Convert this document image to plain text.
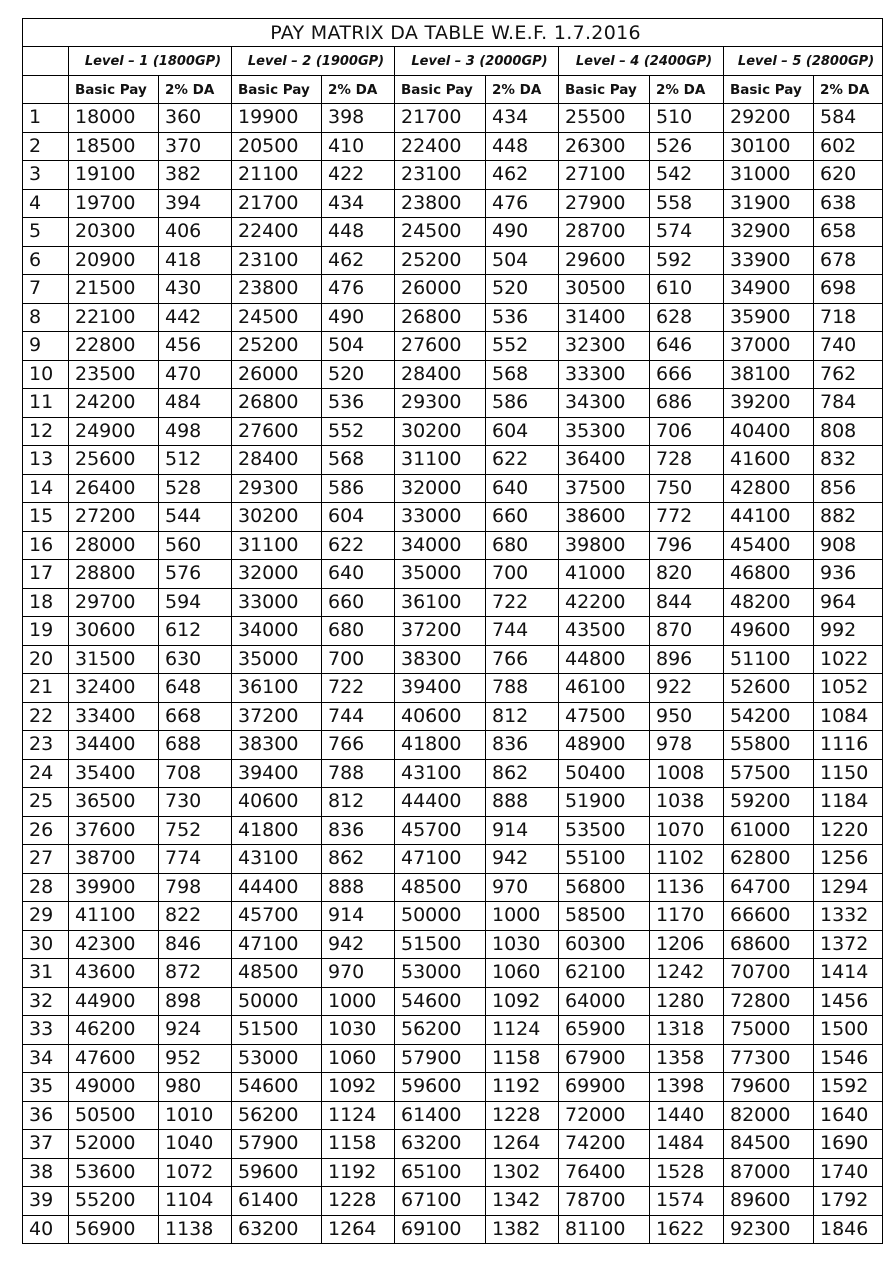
PAY MATRIX DA TABLE W.E.F. 1.7.2016										
	Level – 1 (1800GP)		Level – 2 (1900GP)		Level – 3 (2000GP)		Level – 4 (2400GP)		Level – 5 (2800GP)	
	Basic Pay	2% DA	Basic Pay	2% DA	Basic Pay	2% DA	Basic Pay	2% DA	Basic Pay	2% DA
1	18000	360	19900	398	21700	434	25500	510	29200	584
2	18500	370	20500	410	22400	448	26300	526	30100	602
3	19100	382	21100	422	23100	462	27100	542	31000	620
4	19700	394	21700	434	23800	476	27900	558	31900	638
5	20300	406	22400	448	24500	490	28700	574	32900	658
6	20900	418	23100	462	25200	504	29600	592	33900	678
7	21500	430	23800	476	26000	520	30500	610	34900	698
8	22100	442	24500	490	26800	536	31400	628	35900	718
9	22800	456	25200	504	27600	552	32300	646	37000	740
10	23500	470	26000	520	28400	568	33300	666	38100	762
11	24200	484	26800	536	29300	586	34300	686	39200	784
12	24900	498	27600	552	30200	604	35300	706	40400	808
13	25600	512	28400	568	31100	622	36400	728	41600	832
14	26400	528	29300	586	32000	640	37500	750	42800	856
15	27200	544	30200	604	33000	660	38600	772	44100	882
16	28000	560	31100	622	34000	680	39800	796	45400	908
17	28800	576	32000	640	35000	700	41000	820	46800	936
18	29700	594	33000	660	36100	722	42200	844	48200	964
19	30600	612	34000	680	37200	744	43500	870	49600	992
20	31500	630	35000	700	38300	766	44800	896	51100	1022
21	32400	648	36100	722	39400	788	46100	922	52600	1052
22	33400	668	37200	744	40600	812	47500	950	54200	1084
23	34400	688	38300	766	41800	836	48900	978	55800	1116
24	35400	708	39400	788	43100	862	50400	1008	57500	1150
25	36500	730	40600	812	44400	888	51900	1038	59200	1184
26	37600	752	41800	836	45700	914	53500	1070	61000	1220
27	38700	774	43100	862	47100	942	55100	1102	62800	1256
28	39900	798	44400	888	48500	970	56800	1136	64700	1294
29	41100	822	45700	914	50000	1000	58500	1170	66600	1332
30	42300	846	47100	942	51500	1030	60300	1206	68600	1372
31	43600	872	48500	970	53000	1060	62100	1242	70700	1414
32	44900	898	50000	1000	54600	1092	64000	1280	72800	1456
33	46200	924	51500	1030	56200	1124	65900	1318	75000	1500
34	47600	952	53000	1060	57900	1158	67900	1358	77300	1546
35	49000	980	54600	1092	59600	1192	69900	1398	79600	1592
36	50500	1010	56200	1124	61400	1228	72000	1440	82000	1640
37	52000	1040	57900	1158	63200	1264	74200	1484	84500	1690
38	53600	1072	59600	1192	65100	1302	76400	1528	87000	1740
39	55200	1104	61400	1228	67100	1342	78700	1574	89600	1792
40	56900	1138	63200	1264	69100	1382	81100	1622	92300	1846
